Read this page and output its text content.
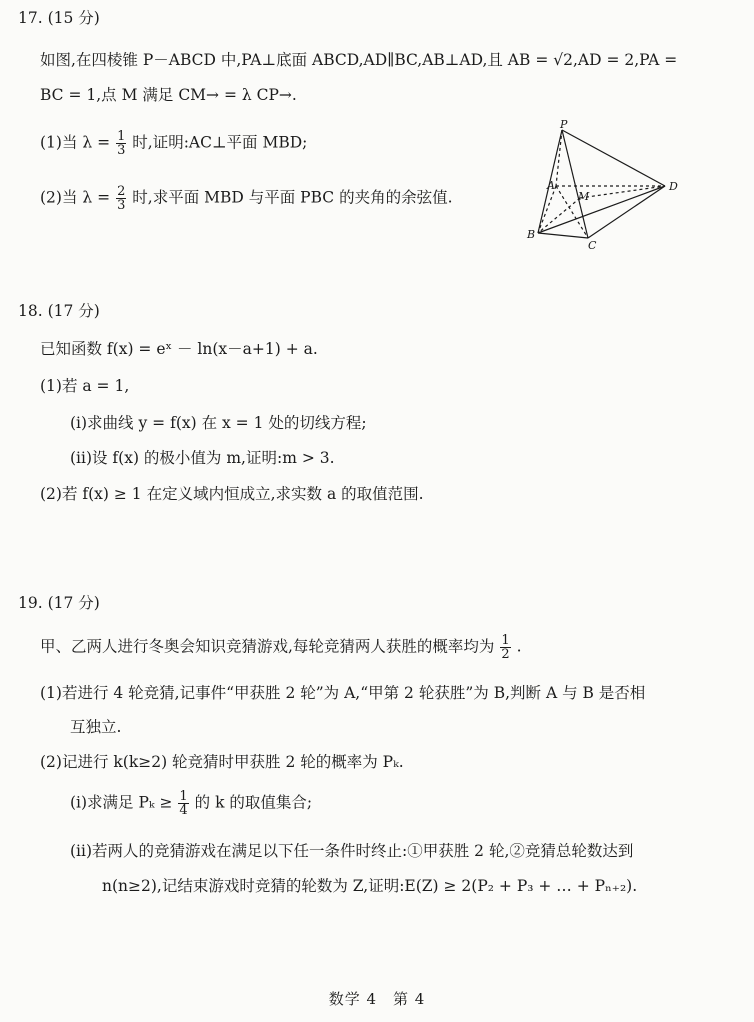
17. (15 分)
如图,在四棱锥 P－ABCD 中,PA⊥底面 ABCD,AD∥BC,AB⊥AD,且 AB = √2,AD = 2,PA =
BC = 1,点 M 满足 CM→ = λ CP→.
(1)当 $\lambda = \frac{1}{3}$ 时,证明:AC⊥平面 MBD;
(2)当 $\lambda = \frac{2}{3}$ 时,求平面 MBD 与平面 PBC 的夹角的余弦值.
P
A
M
D
B
C
18. (17 分)
已知函数 f(x) = eˣ － ln(x－a+1) + a.
(1)若 a = 1,
(ⅰ)求曲线 y = f(x) 在 x = 1 处的切线方程;
(ⅱ)设 f(x) 的极小值为 m,证明:m > 3.
(2)若 f(x) ≥ 1 在定义域内恒成立,求实数 a 的取值范围.
19. (17 分)
甲、乙两人进行冬奥会知识竞猜游戏,每轮竞猜两人获胜的概率均为 $\frac{1}{2}$ .
(1)若进行 4 轮竞猜,记事件“甲获胜 2 轮”为 A,“甲第 2 轮获胜”为 B,判断 A 与 B 是否相
互独立.
(2)记进行 k(k≥2) 轮竞猜时甲获胜 2 轮的概率为 Pₖ.
(ⅰ)求满足 $P_k \ge \frac{1}{4}$ 的 k 的取值集合;
(ⅱ)若两人的竞猜游戏在满足以下任一条件时终止:①甲获胜 2 轮,②竞猜总轮数达到
n(n≥2),记结束游戏时竞猜的轮数为 Z,证明:E(Z) ≥ 2(P₂ + P₃ + … + Pₙ₊₂).
数学 4　第 4
